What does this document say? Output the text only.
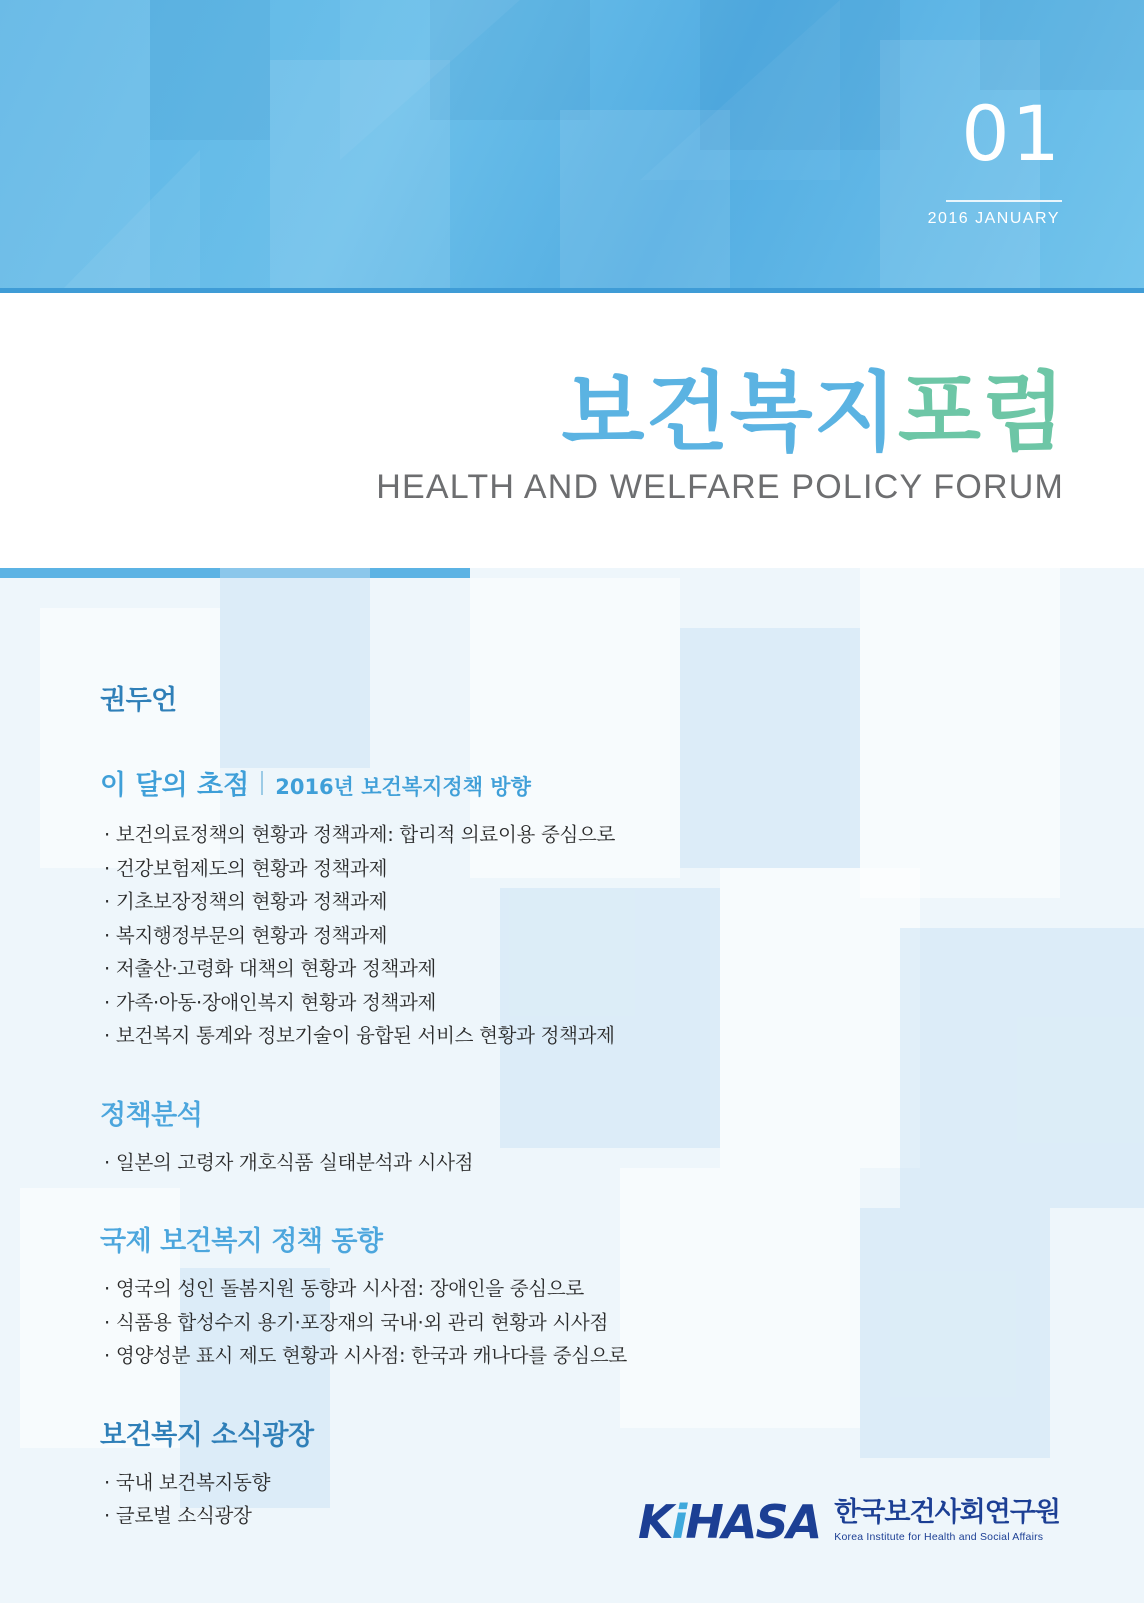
01
2016 JANUARY
보건복지포럼
HEALTH AND WELFARE POLICY FORUM
권두언
이 달의 초점 2016년 보건복지정책 방향
· 보건의료정책의 현황과 정책과제: 합리적 의료이용 중심으로
· 건강보험제도의 현황과 정책과제
· 기초보장정책의 현황과 정책과제
· 복지행정부문의 현황과 정책과제
· 저출산·고령화 대책의 현황과 정책과제
· 가족·아동·장애인복지 현황과 정책과제
· 보건복지 통계와 정보기술이 융합된 서비스 현황과 정책과제
정책분석
· 일본의 고령자 개호식품 실태분석과 시사점
국제 보건복지 정책 동향
· 영국의 성인 돌봄지원 동향과 시사점: 장애인을 중심으로
· 식품용 합성수지 용기·포장재의 국내·외 관리 현황과 시사점
· 영양성분 표시 제도 현황과 시사점: 한국과 캐나다를 중심으로
보건복지 소식광장
· 국내 보건복지동향
· 글로벌 소식광장	KiHASA 한국보건사회연구원
Korea Institute for Health and Social Affairs
